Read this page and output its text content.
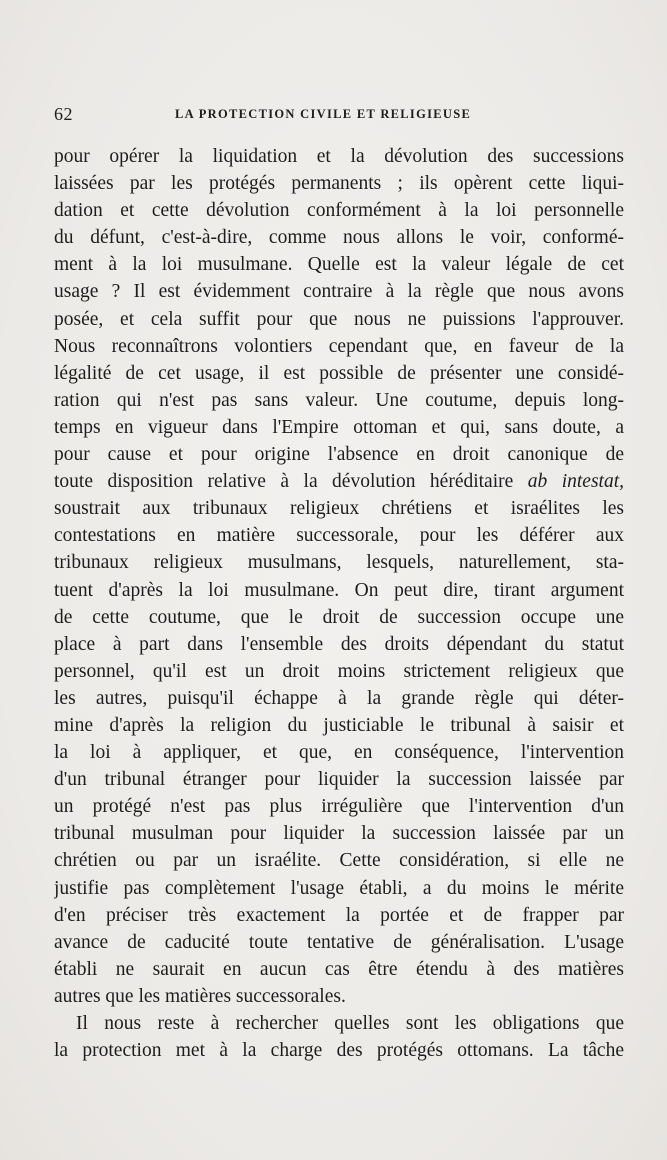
62	LA PROTECTION CIVILE ET RELIGIEUSE
pour opérer la liquidation et la dévolution des successions
laissées par les protégés permanents ; ils opèrent cette liqui-
dation et cette dévolution conformément à la loi personnelle
du défunt, c'est-à-dire, comme nous allons le voir, conformé-
ment à la loi musulmane. Quelle est la valeur légale de cet
usage ? Il est évidemment contraire à la règle que nous avons
posée, et cela suffit pour que nous ne puissions l'approuver.
Nous reconnaîtrons volontiers cependant que, en faveur de la
légalité de cet usage, il est possible de présenter une considé-
ration qui n'est pas sans valeur. Une coutume, depuis long-
temps en vigueur dans l'Empire ottoman et qui, sans doute, a
pour cause et pour origine l'absence en droit canonique de
toute disposition relative à la dévolution héréditaire ab intestat,
soustrait aux tribunaux religieux chrétiens et israélites les
contestations en matière successorale, pour les déférer aux
tribunaux religieux musulmans, lesquels, naturellement, sta-
tuent d'après la loi musulmane. On peut dire, tirant argument
de cette coutume, que le droit de succession occupe une
place à part dans l'ensemble des droits dépendant du statut
personnel, qu'il est un droit moins strictement religieux que
les autres, puisqu'il échappe à la grande règle qui déter-
mine d'après la religion du justiciable le tribunal à saisir et
la loi à appliquer, et que, en conséquence, l'intervention
d'un tribunal étranger pour liquider la succession laissée par
un protégé n'est pas plus irrégulière que l'intervention d'un
tribunal musulman pour liquider la succession laissée par un
chrétien ou par un israélite. Cette considération, si elle ne
justifie pas complètement l'usage établi, a du moins le mérite
d'en préciser très exactement la portée et de frapper par
avance de caducité toute tentative de généralisation. L'usage
établi ne saurait en aucun cas être étendu à des matières
autres que les matières successorales.
Il nous reste à rechercher quelles sont les obligations que
la protection met à la charge des protégés ottomans. La tâche
